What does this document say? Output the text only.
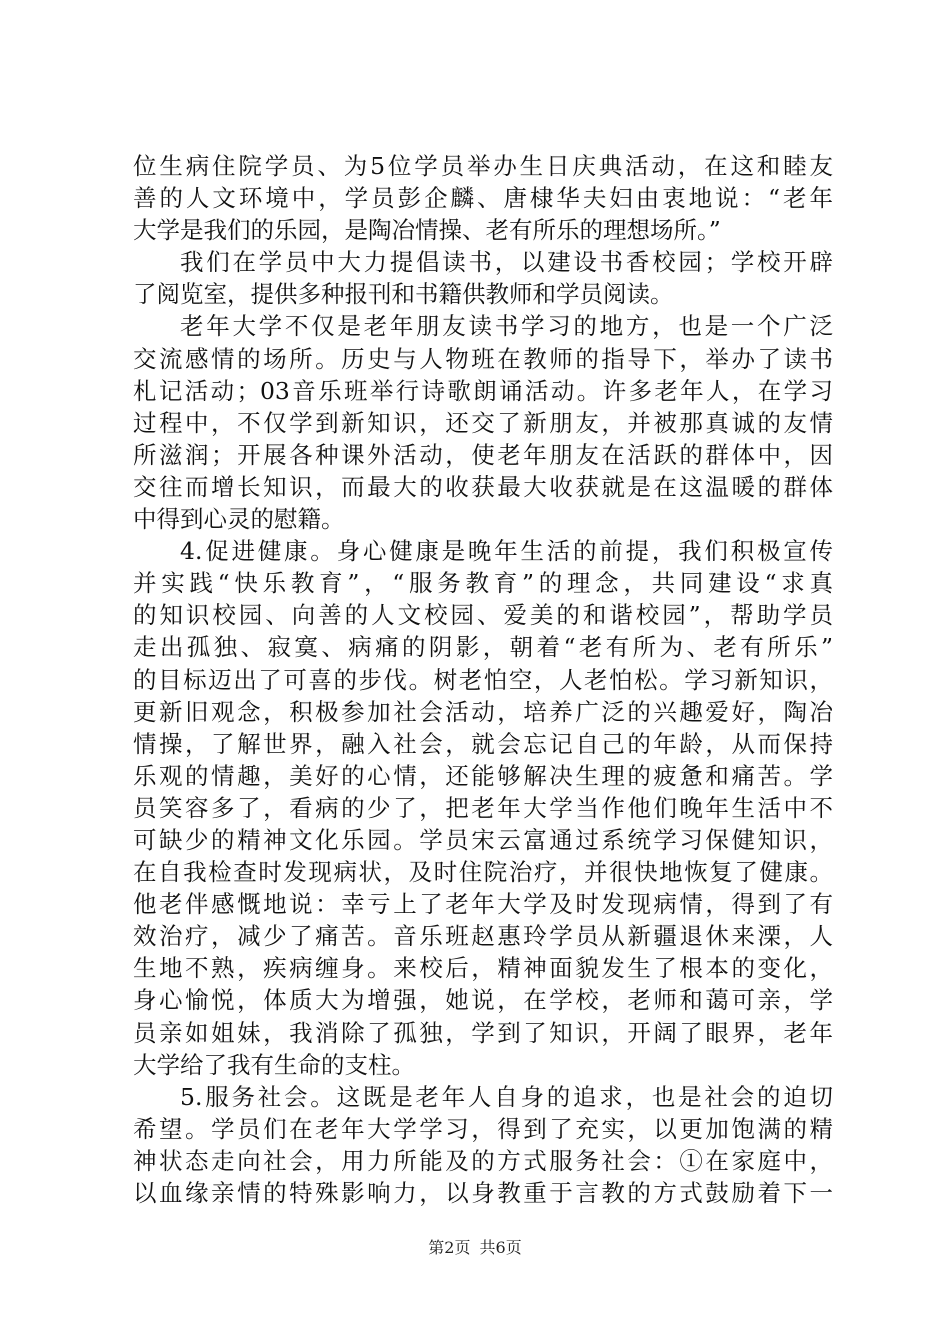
位生病住院学员、为5位学员举办生日庆典活动，在这和睦友
善的人文环境中，学员彭企麟、唐棣华夫妇由衷地说：“老年
大学是我们的乐园，是陶冶情操、老有所乐的理想场所。”
我们在学员中大力提倡读书，以建设书香校园；学校开辟
了阅览室，提供多种报刊和书籍供教师和学员阅读。
老年大学不仅是老年朋友读书学习的地方，也是一个广泛
交流感情的场所。历史与人物班在教师的指导下，举办了读书
札记活动；03音乐班举行诗歌朗诵活动。许多老年人，在学习
过程中，不仅学到新知识，还交了新朋友，并被那真诚的友情
所滋润；开展各种课外活动，使老年朋友在活跃的群体中，因
交往而增长知识，而最大的收获最大收获就是在这温暖的群体
中得到心灵的慰籍。
4.促进健康。身心健康是晚年生活的前提，我们积极宣传
并实践“快乐教育”，“服务教育”的理念，共同建设“求真
的知识校园、向善的人文校园、爱美的和谐校园”，帮助学员
走出孤独、寂寞、病痛的阴影，朝着“老有所为、老有所乐”
的目标迈出了可喜的步伐。树老怕空，人老怕松。学习新知识，
更新旧观念，积极参加社会活动，培养广泛的兴趣爱好，陶冶
情操，了解世界，融入社会，就会忘记自己的年龄，从而保持
乐观的情趣，美好的心情，还能够解决生理的疲惫和痛苦。学
员笑容多了，看病的少了，把老年大学当作他们晚年生活中不
可缺少的精神文化乐园。学员宋云富通过系统学习保健知识，
在自我检查时发现病状，及时住院治疗，并很快地恢复了健康。
他老伴感慨地说：幸亏上了老年大学及时发现病情，得到了有
效治疗，减少了痛苦。音乐班赵惠玲学员从新疆退休来溧，人
生地不熟，疾病缠身。来校后，精神面貌发生了根本的变化，
身心愉悦，体质大为增强，她说，在学校，老师和蔼可亲，学
员亲如姐妹，我消除了孤独，学到了知识，开阔了眼界，老年
大学给了我有生命的支柱。
5.服务社会。这既是老年人自身的追求，也是社会的迫切
希望。学员们在老年大学学习，得到了充实，以更加饱满的精
神状态走向社会，用力所能及的方式服务社会：①在家庭中，
以血缘亲情的特殊影响力，以身教重于言教的方式鼓励着下一
第2页 共6页
